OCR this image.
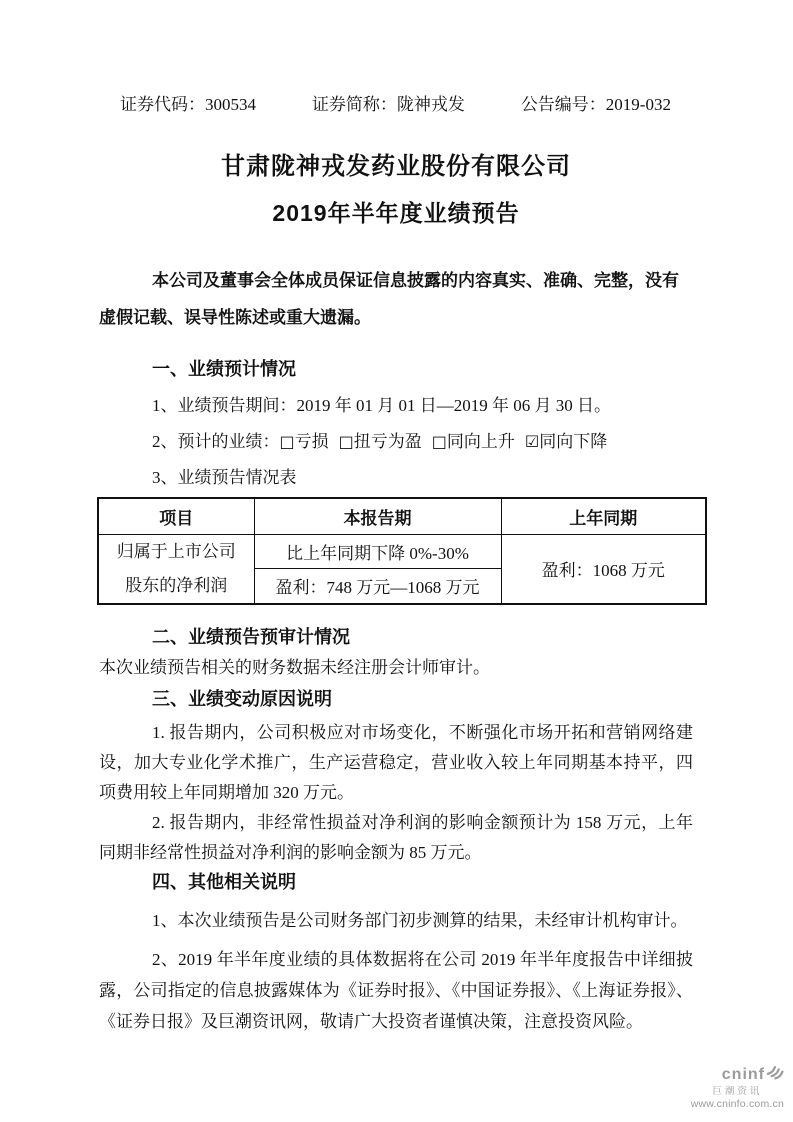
证券代码：300534	证券简称：陇神戎发	公告编号：2019-032
甘肃陇神戎发药业股份有限公司
2019年半年度业绩预告

本公司及董事会全体成员保证信息披露的内容真实、准确、完整，没有虚假记载、误导性陈述或重大遗漏。

一、业绩预计情况

1、业绩预告期间：2019 年 01 月 01 日—2019 年 06 月 30 日。

2、预计的业绩：□亏损 □扭亏为盈 □同向上升 ☑同向下降

3、业绩预告情况表

项目	本报告期	上年同期

归属于上市公司
股东的净利润	比上年同期下降 0%-30%	盈利：1068 万元
	盈利：748 万元—1068 万元	
二、业绩预告预审计情况

本次业绩预告相关的财务数据未经注册会计师审计。

三、业绩变动原因说明

1. 报告期内，公司积极应对市场变化，不断强化市场开拓和营销网络建设，加大专业化学术推广，生产运营稳定，营业收入较上年同期基本持平，四项费用较上年同期增加 320 万元。

2. 报告期内，非经常性损益对净利润的影响金额预计为 158 万元，上年同期非经常性损益对净利润的影响金额为 85 万元。

四、其他相关说明

1、本次业绩预告是公司财务部门初步测算的结果，未经审计机构审计。

2、2019 年半年度业绩的具体数据将在公司 2019 年半年度报告中详细披露，公司指定的信息披露媒体为《证券时报》、《中国证券报》、《上海证券报》、《证券日报》及巨潮资讯网，敬请广大投资者谨慎决策，注意投资风险。

cninf
巨潮资讯
www.cninfo.com.cn
